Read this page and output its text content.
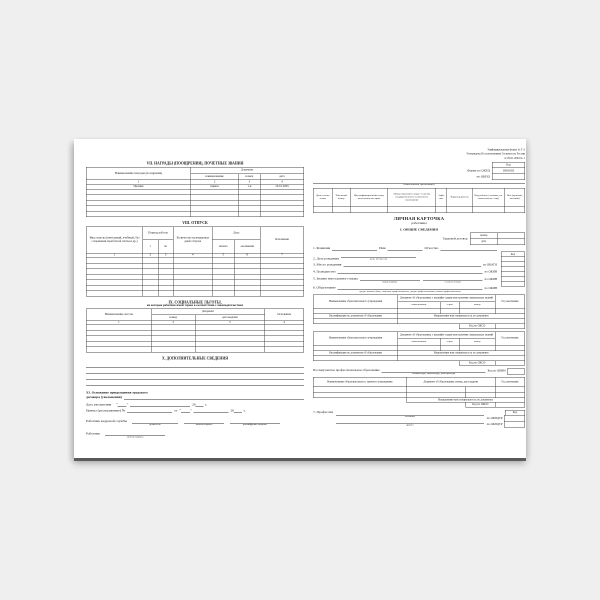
VII. НАГРАДЫ (ПООЩРЕНИЯ), ПОЧЕТНЫЕ ЗВАНИЯ
Наименование награды (поощрения)	Документ		
	наименование	номер	дата
1	2	3	4
Премия	приказ	1-н	10.01.2005

VIII. ОТПУСК
Вид отпуска (ежегодный, учебный, без сохранения заработной платы и др.)	Период работы		Количество календарных дней отпуска	Дата		Основание
	с	по		начала	окончания	
1	2	3	4	5	6	7

IX. СОЦИАЛЬНЫЕ ЛЬГОТЫ,
на которые работник имеет право в соответствии с законодательством
Наименование льготы	Документ		Основание
	номер	дата выдачи	
1	2	3	4

X. ДОПОЛНИТЕЛЬНЫЕ СВЕДЕНИЯ
XI. Основание прекращения трудового
договора (увольнения)
Дата увольнения “ ”	20 г.
Приказ (распоряжение) №	от “ ”	20 г.
Работник кадровой службы
должность	личная подпись	расшифровка подписи
Работник
личная подпись
Унифицированная форма № Т-2
Утверждена Постановлением Госкомстата России
от 05.01.2004 № 1
Код
Форма по ОКУД	0301002
по ОКПО
(наименование организации)
Дата состав- ления	Табельный номер	Идентификационный номер налогоплатель- щика	Номер страхового свиде- тельства государственного пенсионного страхования	Алфа- вит	Характер работы	Вид работы (основная, по совместитель- ству)	Пол (мужской, женский)

ЛИЧНАЯ КАРТОЧКА
работника
I. ОБЩИЕ СВЕДЕНИЯ
Трудовой договор
номер	
дата	
Код
1. Фамилия	Имя	Отчество
2. Дата рождения	день, месяц, год
3. Место рождения	по ОКАТО
4. Гражданство	по ОКИН
5. Знание иностранного языка
наименование	степень знания
по ОКИН
6. Образование
среднее (полное) общее, начальное профессиональное, среднее профессиональное, высшее профессиональное
по ОКИН
Наименование образовательного учреждения	Документ об образовании, о квалифи- кации или наличии специальных знаний			Год окончания
	наименование	серия	номер	

Квалификация по документу об образовании	Направление или специальность по документу			

			Код по ОКСО	
Наименование образовательного учреждения	Документ об образовании, о квалифи- кации или наличии специальных знаний			Год окончания
	наименование	серия	номер	

Квалификация по документу об образовании	Направление или специальность по документу			

			Код по ОКСО	
Послевузовское профессиональное образование
аспирантура, адъюнктура, докторантура
Код по ОКИН
Наименование образовательного, научного учреждения	Документ об образовании, номер, дата выдачи		Год окончания

	Направление или специальность по документу		
		Код по ОКСО	
7. Профессия
основная
другая
Код
по ОКПДТР
по ОКПДТР
